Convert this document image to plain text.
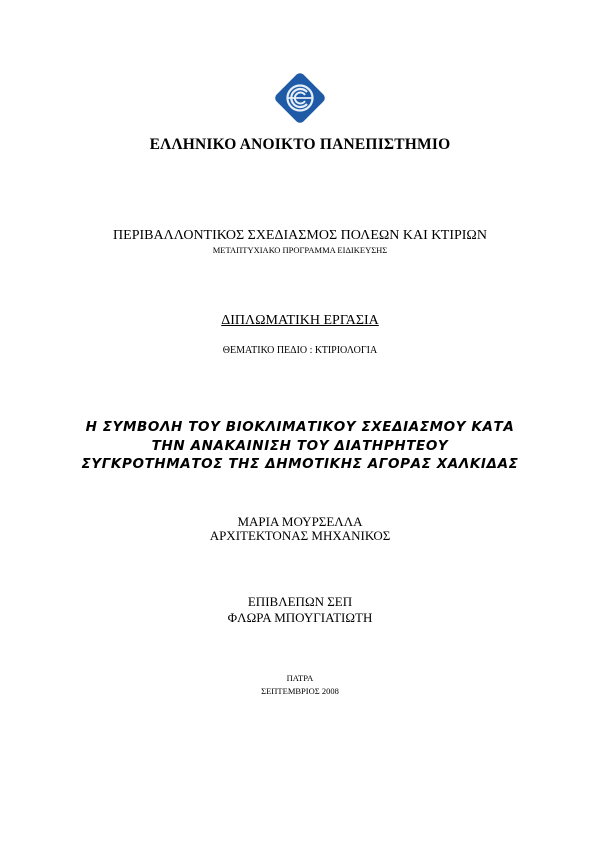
ΕΛΛΗΝΙΚΟ ΑΝΟΙΚΤΟ ΠΑΝΕΠΙΣΤΗΜΙΟ
ΠΕΡΙΒΑΛΛΟΝΤΙΚΟΣ ΣΧΕΔΙΑΣΜΟΣ ΠΟΛΕΩΝ ΚΑΙ ΚΤΙΡΙΩΝ
ΜΕΤΑΠΤΥΧΙΑΚΟ ΠΡΟΓΡΑΜΜΑ ΕΙΔΙΚΕΥΣΗΣ
ΔΙΠΛΩΜΑΤΙΚΗ ΕΡΓΑΣΙΑ
ΘΕΜΑΤΙΚΟ ΠΕΔΙΟ : ΚΤΙΡΙΟΛΟΓΙΑ
Η ΣΥΜΒΟΛΗ ΤΟΥ ΒΙΟΚΛΙΜΑΤΙΚΟΥ ΣΧΕΔΙΑΣΜΟΥ ΚΑΤΑ
ΤΗΝ ΑΝΑΚΑΙΝΙΣΗ ΤΟΥ ΔΙΑΤΗΡΗΤΕΟΥ
ΣΥΓΚΡΟΤΗΜΑΤΟΣ ΤΗΣ ΔΗΜΟΤΙΚΗΣ ΑΓΟΡΑΣ ΧΑΛΚΙΔΑΣ
ΜΑΡΙΑ ΜΟΥΡΣΕΛΛΑ
ΑΡΧΙΤΕΚΤΟΝΑΣ ΜΗΧΑΝΙΚΟΣ
ΕΠΙΒΛΕΠΩΝ ΣΕΠ
ΦΛΩΡΑ ΜΠΟΥΓΙΑΤΙΩΤΗ
ΠΑΤΡΑ
ΣΕΠΤΕΜΒΡΙΟΣ 2008
